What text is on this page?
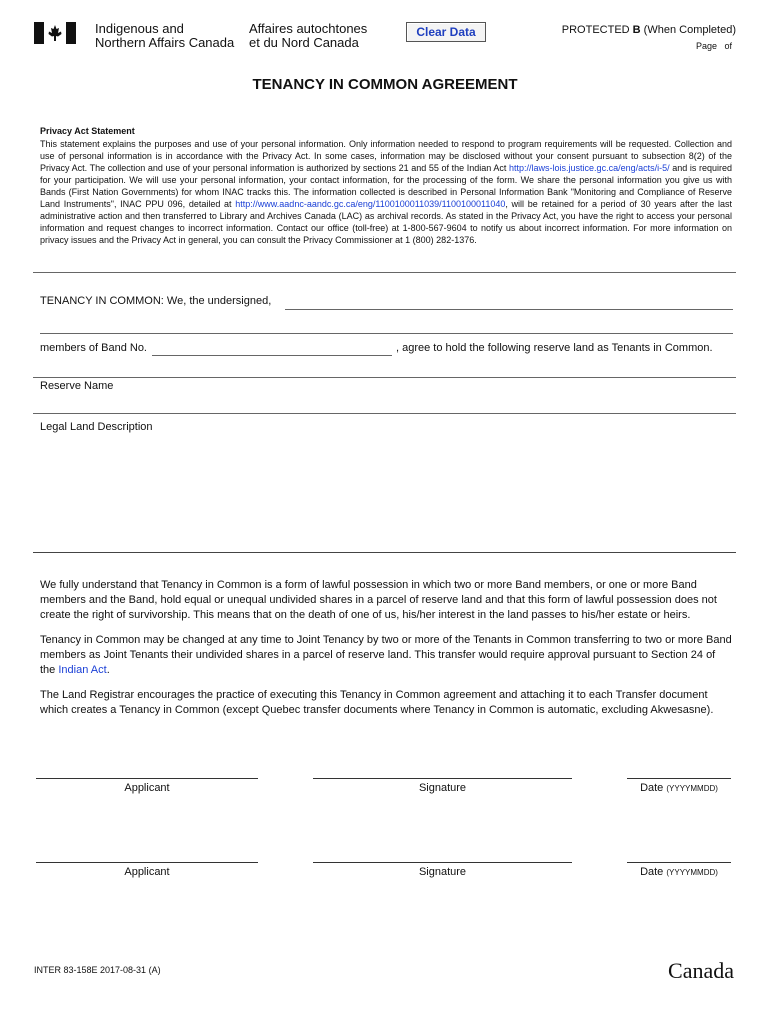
Indigenous and
Northern Affairs Canada
Affaires autochtones
et du Nord Canada
Clear Data	PROTECTED B (When Completed)
Page   of
TENANCY IN COMMON AGREEMENT
Privacy Act Statement
This statement explains the purposes and use of your personal information. Only information needed to respond to program requirements will be requested. Collection and use of personal information is in accordance with the Privacy Act. In some cases, information may be disclosed without your consent pursuant to subsection 8(2) of the Privacy Act. The collection and use of your personal information is authorized by sections 21 and 55 of the Indian Act http://laws-lois.justice.gc.ca/eng/acts/i-5/ and is required for your participation. We will use your personal information, your contact information, for the processing of the form. We share the personal information you give us with Bands (First Nation Governments) for whom INAC tracks this. The information collected is described in Personal Information Bank "Monitoring and Compliance of Reserve Land Instruments", INAC PPU 096, detailed at http://www.aadnc-aandc.gc.ca/eng/1100100011039/1100100011040, will be retained for a period of 30 years after the last administrative action and then transferred to Library and Archives Canada (LAC) as archival records. As stated in the Privacy Act, you have the right to access your personal information and request changes to incorrect information. Contact our office (toll-free) at 1-800-567-9604 to notify us about incorrect information. For more information on privacy issues and the Privacy Act in general, you can consult the Privacy Commissioner at 1 (800) 282-1376.
TENANCY IN COMMON: We, the undersigned,
members of Band No.	, agree to hold the following reserve land as Tenants in Common.
Reserve Name
Legal Land Description
We fully understand that Tenancy in Common is a form of lawful possession in which two or more Band members, or one or more Band members and the Band, hold equal or unequal undivided shares in a parcel of reserve land and that this form of lawful possession does not create the right of survivorship. This means that on the death of one of us, his/her interest in the land passes to his/her estate or heirs.
Tenancy in Common may be changed at any time to Joint Tenancy by two or more of the Tenants in Common transferring to two or more Band members as Joint Tenants their undivided shares in a parcel of reserve land. This transfer would require approval pursuant to Section 24 of the Indian Act.
The Land Registrar encourages the practice of executing this Tenancy in Common agreement and attaching it to each Transfer document which creates a Tenancy in Common (except Quebec transfer documents where Tenancy in Common is automatic, excluding Akwesasne).
Applicant	Signature	Date (YYYYMMDD)
Applicant	Signature	Date (YYYYMMDD)
INTER 83-158E 2017-08-31 (A)	Canada
